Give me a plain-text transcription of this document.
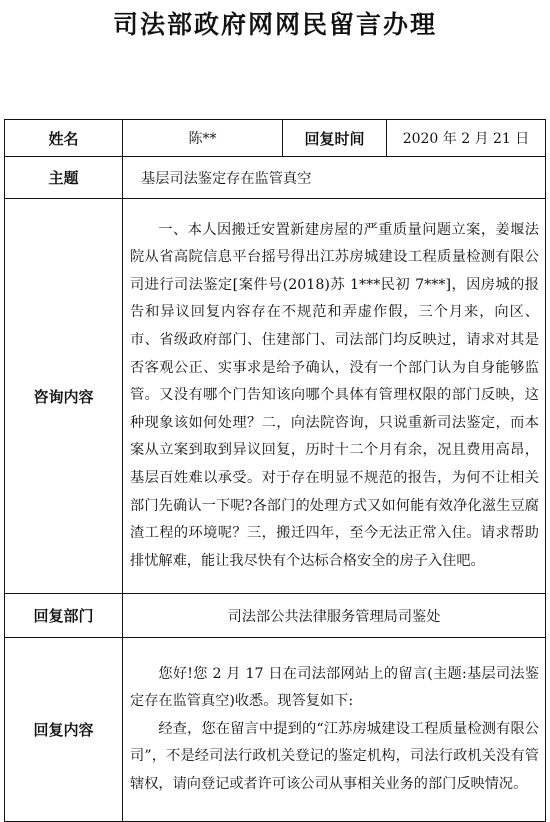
司法部政府网网民留言办理
姓名	陈**	回复时间	2020 年 2 月 21 日
主题	基层司法鉴定存在监管真空		
咨询内容	一、本人因搬迁安置新建房屋的严重质量问题立案，姜堰法院从省高院信息平台摇号得出江苏房城建设工程质量检测有限公司进行司法鉴定[案件号(2018)苏 1***民初 7***]，因房城的报告和异议回复内容存在不规范和弄虚作假，三个月来，向区、市、省级政府部门、住建部门、司法部门均反映过，请求对其是否客观公正、实事求是给予确认，没有一个部门认为自身能够监管。又没有哪个门告知该向哪个具体有管理权限的部门反映，这种现象该如何处理？二，向法院咨询，只说重新司法鉴定，而本案从立案到取到异议回复，历时十二个月有余，况且费用高昂，基层百姓难以承受。对于存在明显不规范的报告，为何不让相关部门先确认一下呢?各部门的处理方式又如何能有效净化滋生豆腐渣工程的环境呢？三，搬迁四年，至今无法正常入住。请求帮助排忧解难，能让我尽快有个达标合格安全的房子入住吧。		

回复部门	司法部公共法律服务管理局司鉴处		
回复内容	您好!您 2 月 17 日在司法部网站上的留言(主题:基层司法鉴定存在监管真空)收悉。现答复如下:

经查，您在留言中提到的“江苏房城建设工程质量检测有限公司”，不是经司法行政机关登记的鉴定机构，司法行政机关没有管辖权，请向登记或者许可该公司从事相关业务的部门反映情况。		
